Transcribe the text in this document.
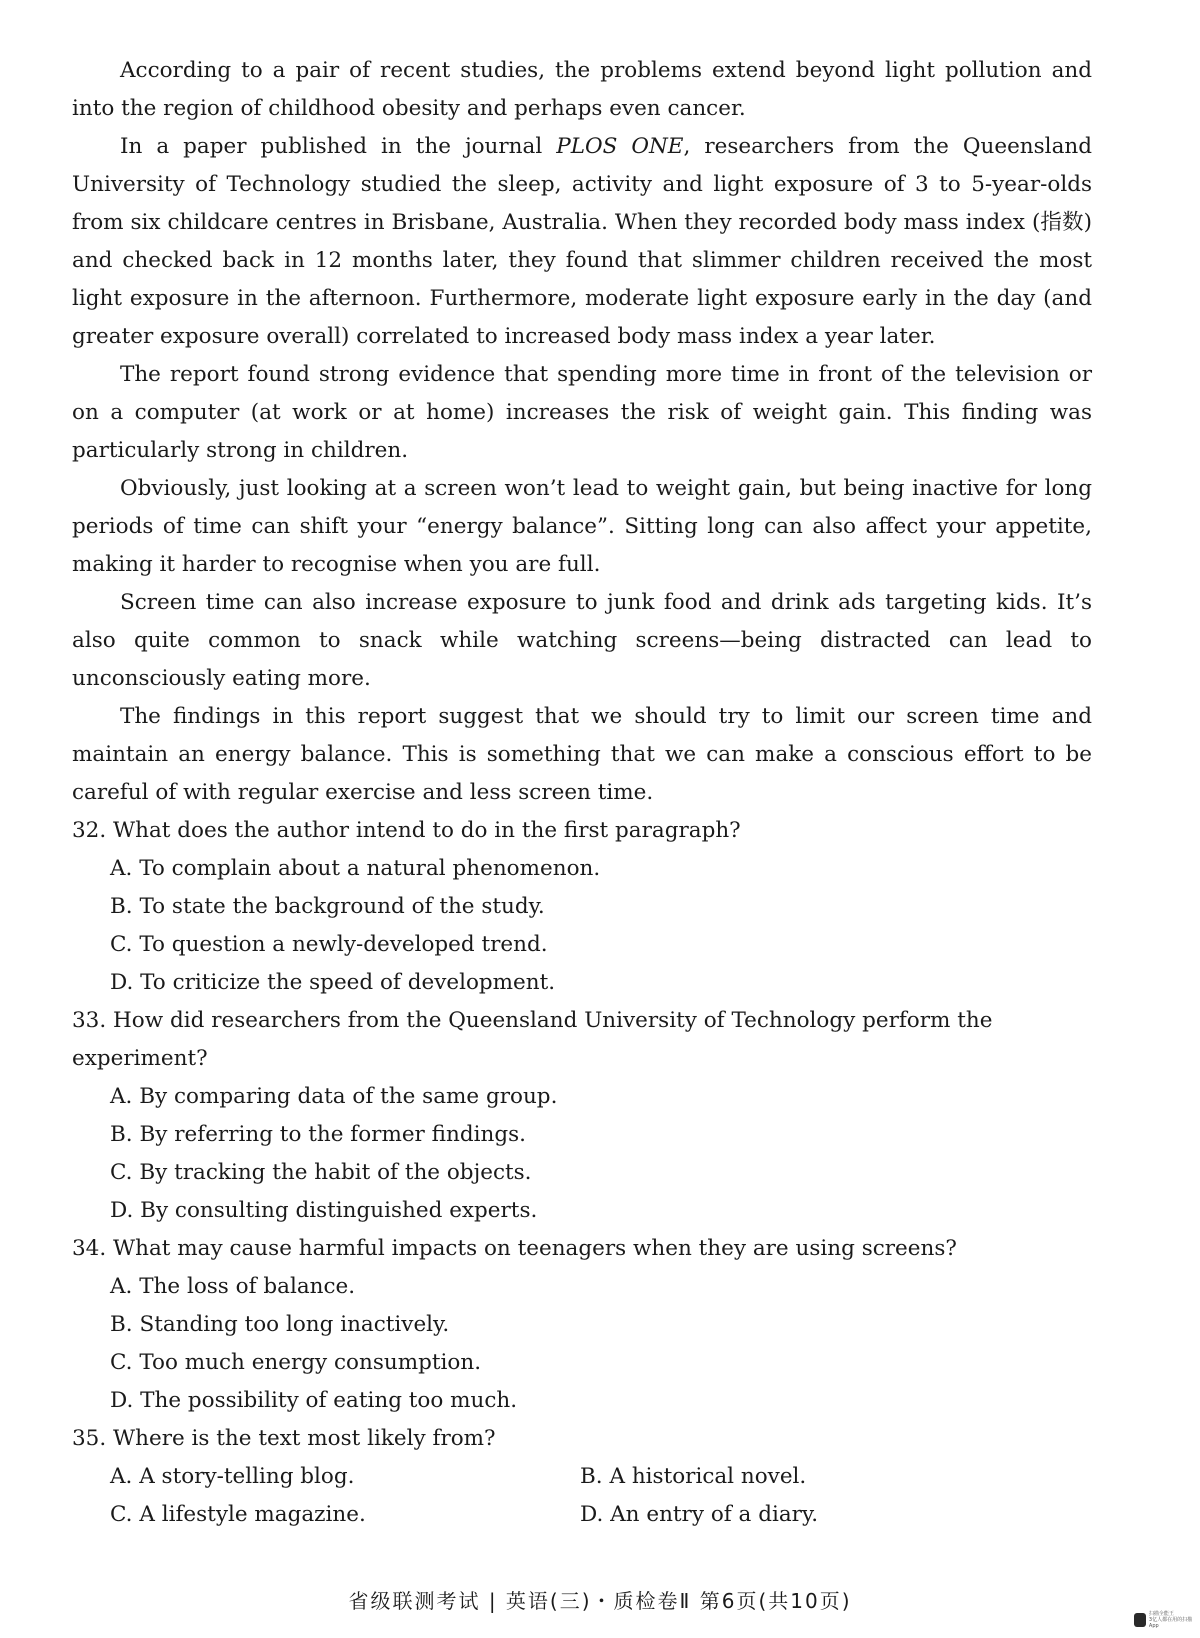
According to a pair of recent studies, the problems extend beyond light pollution and into the region of childhood obesity and perhaps even cancer.

In a paper published in the journal PLOS ONE, researchers from the Queensland University of Technology studied the sleep, activity and light exposure of 3 to 5-year-olds from six childcare centres in Brisbane, Australia. When they recorded body mass index (指数) and checked back in 12 months later, they found that slimmer children received the most light exposure in the afternoon. Furthermore, moderate light exposure early in the day (and greater exposure overall) correlated to increased body mass index a year later.

The report found strong evidence that spending more time in front of the television or on a computer (at work or at home) increases the risk of weight gain. This finding was particularly strong in children.

Obviously, just looking at a screen won’t lead to weight gain, but being inactive for long periods of time can shift your “energy balance”. Sitting long can also affect your appetite, making it harder to recognise when you are full.

Screen time can also increase exposure to junk food and drink ads targeting kids. It’s also quite common to snack while watching screens—being distracted can lead to unconsciously eating more.

The findings in this report suggest that we should try to limit our screen time and maintain an energy balance. This is something that we can make a conscious effort to be careful of with regular exercise and less screen time.

32. What does the author intend to do in the first paragraph?

A. To complain about a natural phenomenon.

B. To state the background of the study.

C. To question a newly-developed trend.

D. To criticize the speed of development.

33. How did researchers from the Queensland University of Technology perform the experiment?

A. By comparing data of the same group.

B. By referring to the former findings.

C. By tracking the habit of the objects.

D. By consulting distinguished experts.

34. What may cause harmful impacts on teenagers when they are using screens?

A. The loss of balance.

B. Standing too long inactively.

C. Too much energy consumption.

D. The possibility of eating too much.

35. Where is the text most likely from?

A. A story-telling blog.	B. A historical novel.

C. A lifestyle magazine.	D. An entry of a diary.

省级联测考试 | 英语(三)・质检卷Ⅱ 第6页(共10页)
扫描全能王
3亿人都在用的扫描App
